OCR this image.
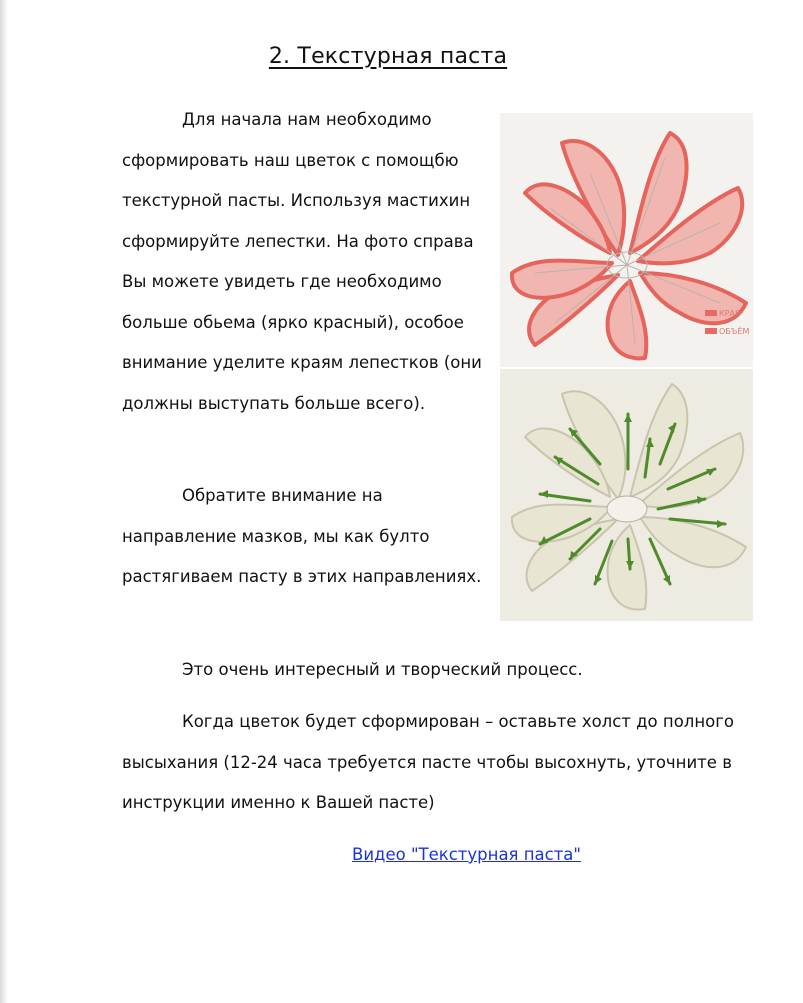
2. Текстурная паста

Для начала нам необходимо сформировать наш цветок с помощбю текстурной пасты. Используя мастихин сформируйте лепестки. На фото справа Вы можете увидеть где необходимо больше обьема (ярко красный), особое внимание уделите краям лепестков (они должны выступать больше всего).

Обратите внимание на направление мазков, мы как булто растягиваем пасту в этих направлениях.

Это очень интересный и творческий процесс.

Когда цветок будет сформирован – оставьте холст до полного высыхания (12-24 часа требуется пасте чтобы высохнуть, уточните в инструкции именно к Вашей пасте)

Видео "Текстурная паста"
КРАЯ
ОБЪЁМ
